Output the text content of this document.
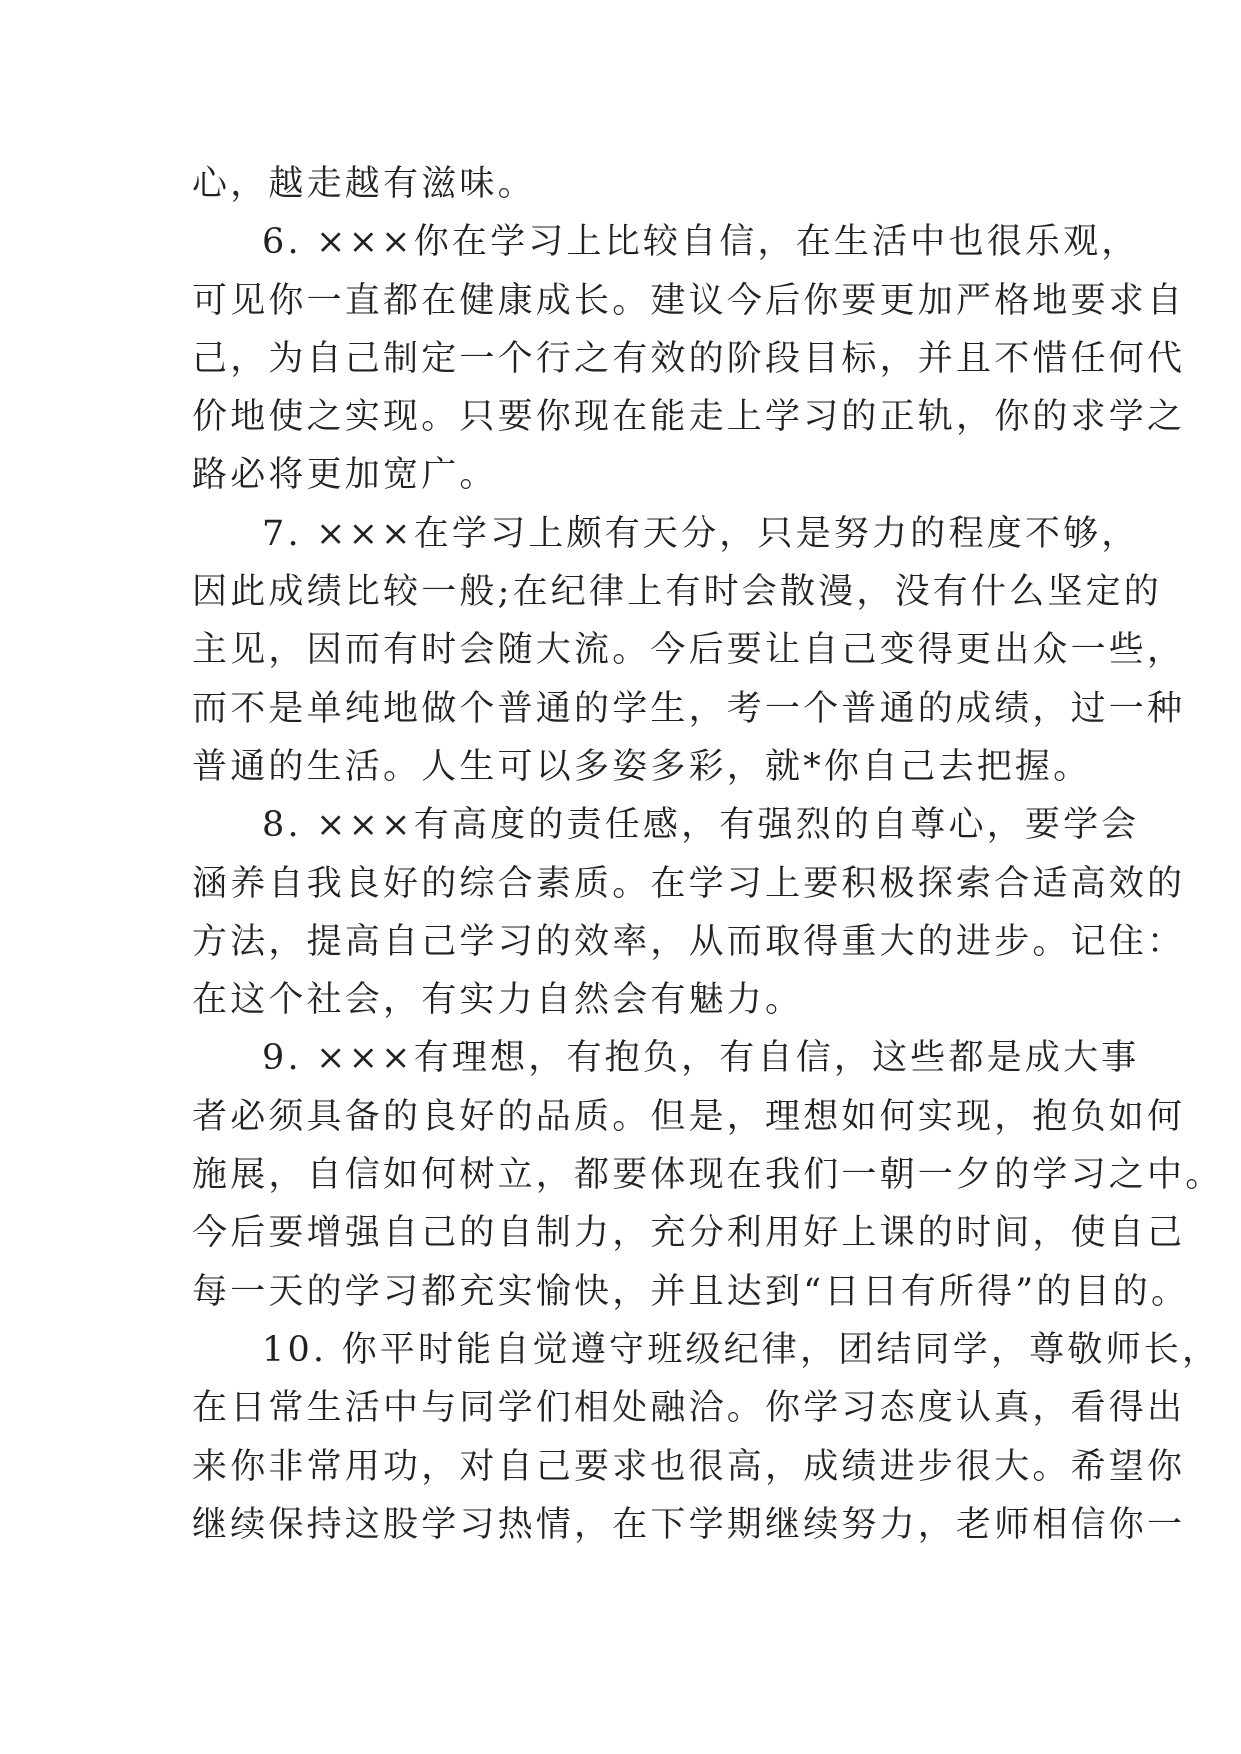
心，越走越有滋味。

6. ×××你在学习上比较自信，在生活中也很乐观，

可见你一直都在健康成长。建议今后你要更加严格地要求自

己，为自己制定一个行之有效的阶段目标，并且不惜任何代

价地使之实现。只要你现在能走上学习的正轨，你的求学之

路必将更加宽广。

7. ×××在学习上颇有天分，只是努力的程度不够，

因此成绩比较一般;在纪律上有时会散漫，没有什么坚定的

主见，因而有时会随大流。今后要让自己变得更出众一些，

而不是单纯地做个普通的学生，考一个普通的成绩，过一种

普通的生活。人生可以多姿多彩，就*你自己去把握。

8. ×××有高度的责任感，有强烈的自尊心，要学会

涵养自我良好的综合素质。在学习上要积极探索合适高效的

方法，提高自己学习的效率，从而取得重大的进步。记住：

在这个社会，有实力自然会有魅力。

9. ×××有理想，有抱负，有自信，这些都是成大事

者必须具备的良好的品质。但是，理想如何实现，抱负如何

施展，自信如何树立，都要体现在我们一朝一夕的学习之中。

今后要增强自己的自制力，充分利用好上课的时间，使自己

每一天的学习都充实愉快，并且达到“日日有所得”的目的。

10. 你平时能自觉遵守班级纪律，团结同学，尊敬师长，

在日常生活中与同学们相处融洽。你学习态度认真，看得出

来你非常用功，对自己要求也很高，成绩进步很大。希望你

继续保持这股学习热情，在下学期继续努力，老师相信你一
